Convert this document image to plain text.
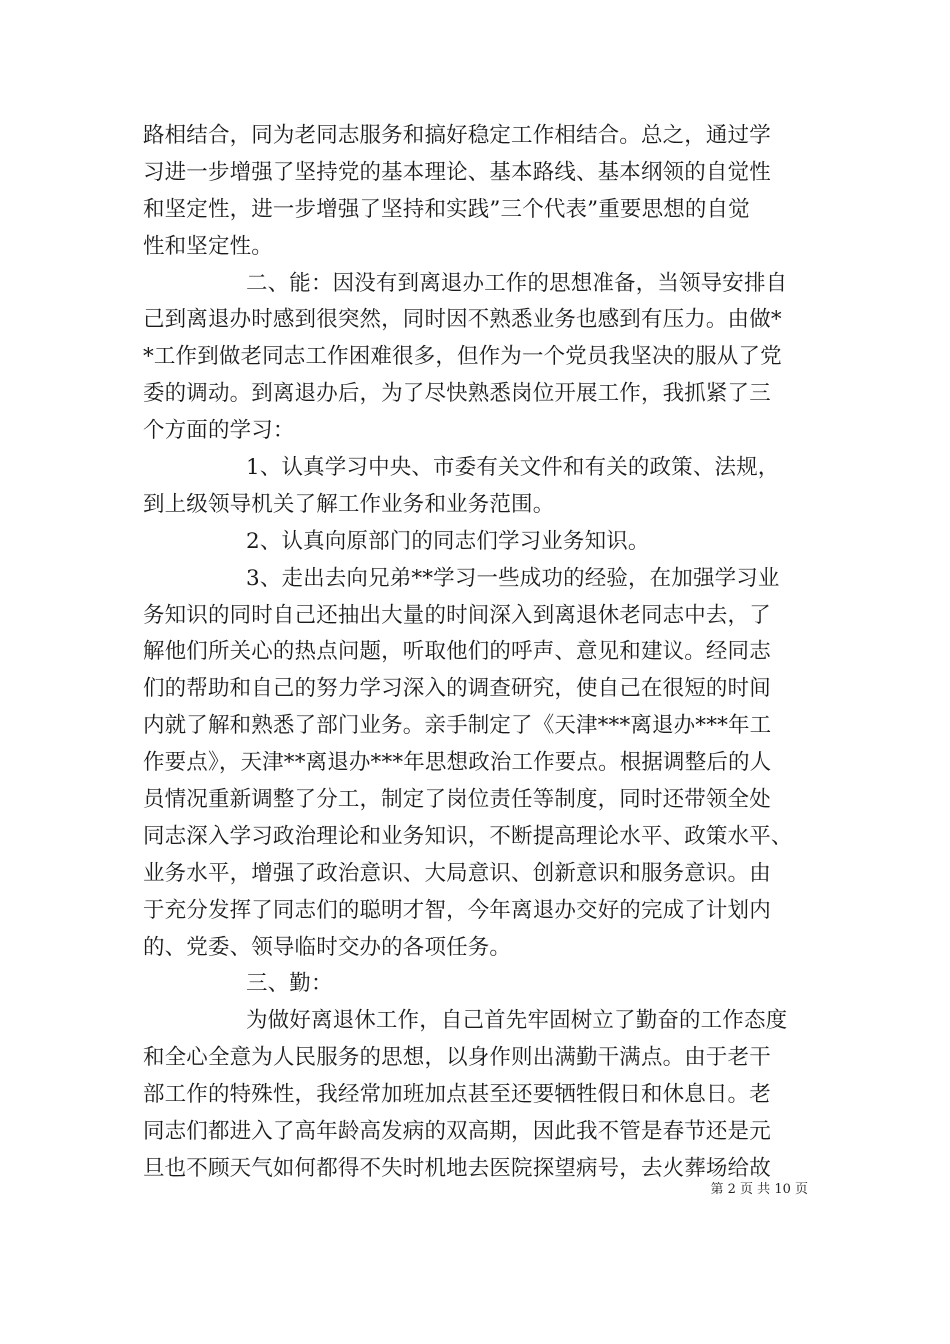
路相结合，同为老同志服务和搞好稳定工作相结合。总之，通过学
习进一步增强了坚持党的基本理论、基本路线、基本纲领的自觉性
和坚定性，进一步增强了坚持和实践”三个代表”重要思想的自觉
性和坚定性。
二、能：因没有到离退办工作的思想准备，当领导安排自
己到离退办时感到很突然，同时因不熟悉业务也感到有压力。由做*
*工作到做老同志工作困难很多，但作为一个党员我坚决的服从了党
委的调动。到离退办后，为了尽快熟悉岗位开展工作，我抓紧了三
个方面的学习：
1、认真学习中央、市委有关文件和有关的政策、法规，
到上级领导机关了解工作业务和业务范围。
2、认真向原部门的同志们学习业务知识。
3、走出去向兄弟**学习一些成功的经验，在加强学习业
务知识的同时自己还抽出大量的时间深入到离退休老同志中去，了
解他们所关心的热点问题，听取他们的呼声、意见和建议。经同志
们的帮助和自己的努力学习深入的调查研究，使自己在很短的时间
内就了解和熟悉了部门业务。亲手制定了《天津***离退办***年工
作要点》，天津**离退办***年思想政治工作要点。根据调整后的人
员情况重新调整了分工，制定了岗位责任等制度，同时还带领全处
同志深入学习政治理论和业务知识，不断提高理论水平、政策水平、
业务水平，增强了政治意识、大局意识、创新意识和服务意识。由
于充分发挥了同志们的聪明才智，今年离退办交好的完成了计划内
的、党委、领导临时交办的各项任务。
三、勤：
为做好离退休工作，自己首先牢固树立了勤奋的工作态度
和全心全意为人民服务的思想，以身作则出满勤干满点。由于老干
部工作的特殊性，我经常加班加点甚至还要牺牲假日和休息日。老
同志们都进入了高年龄高发病的双高期，因此我不管是春节还是元
旦也不顾天气如何都得不失时机地去医院探望病号，去火葬场给故
第 2 页 共 10 页
